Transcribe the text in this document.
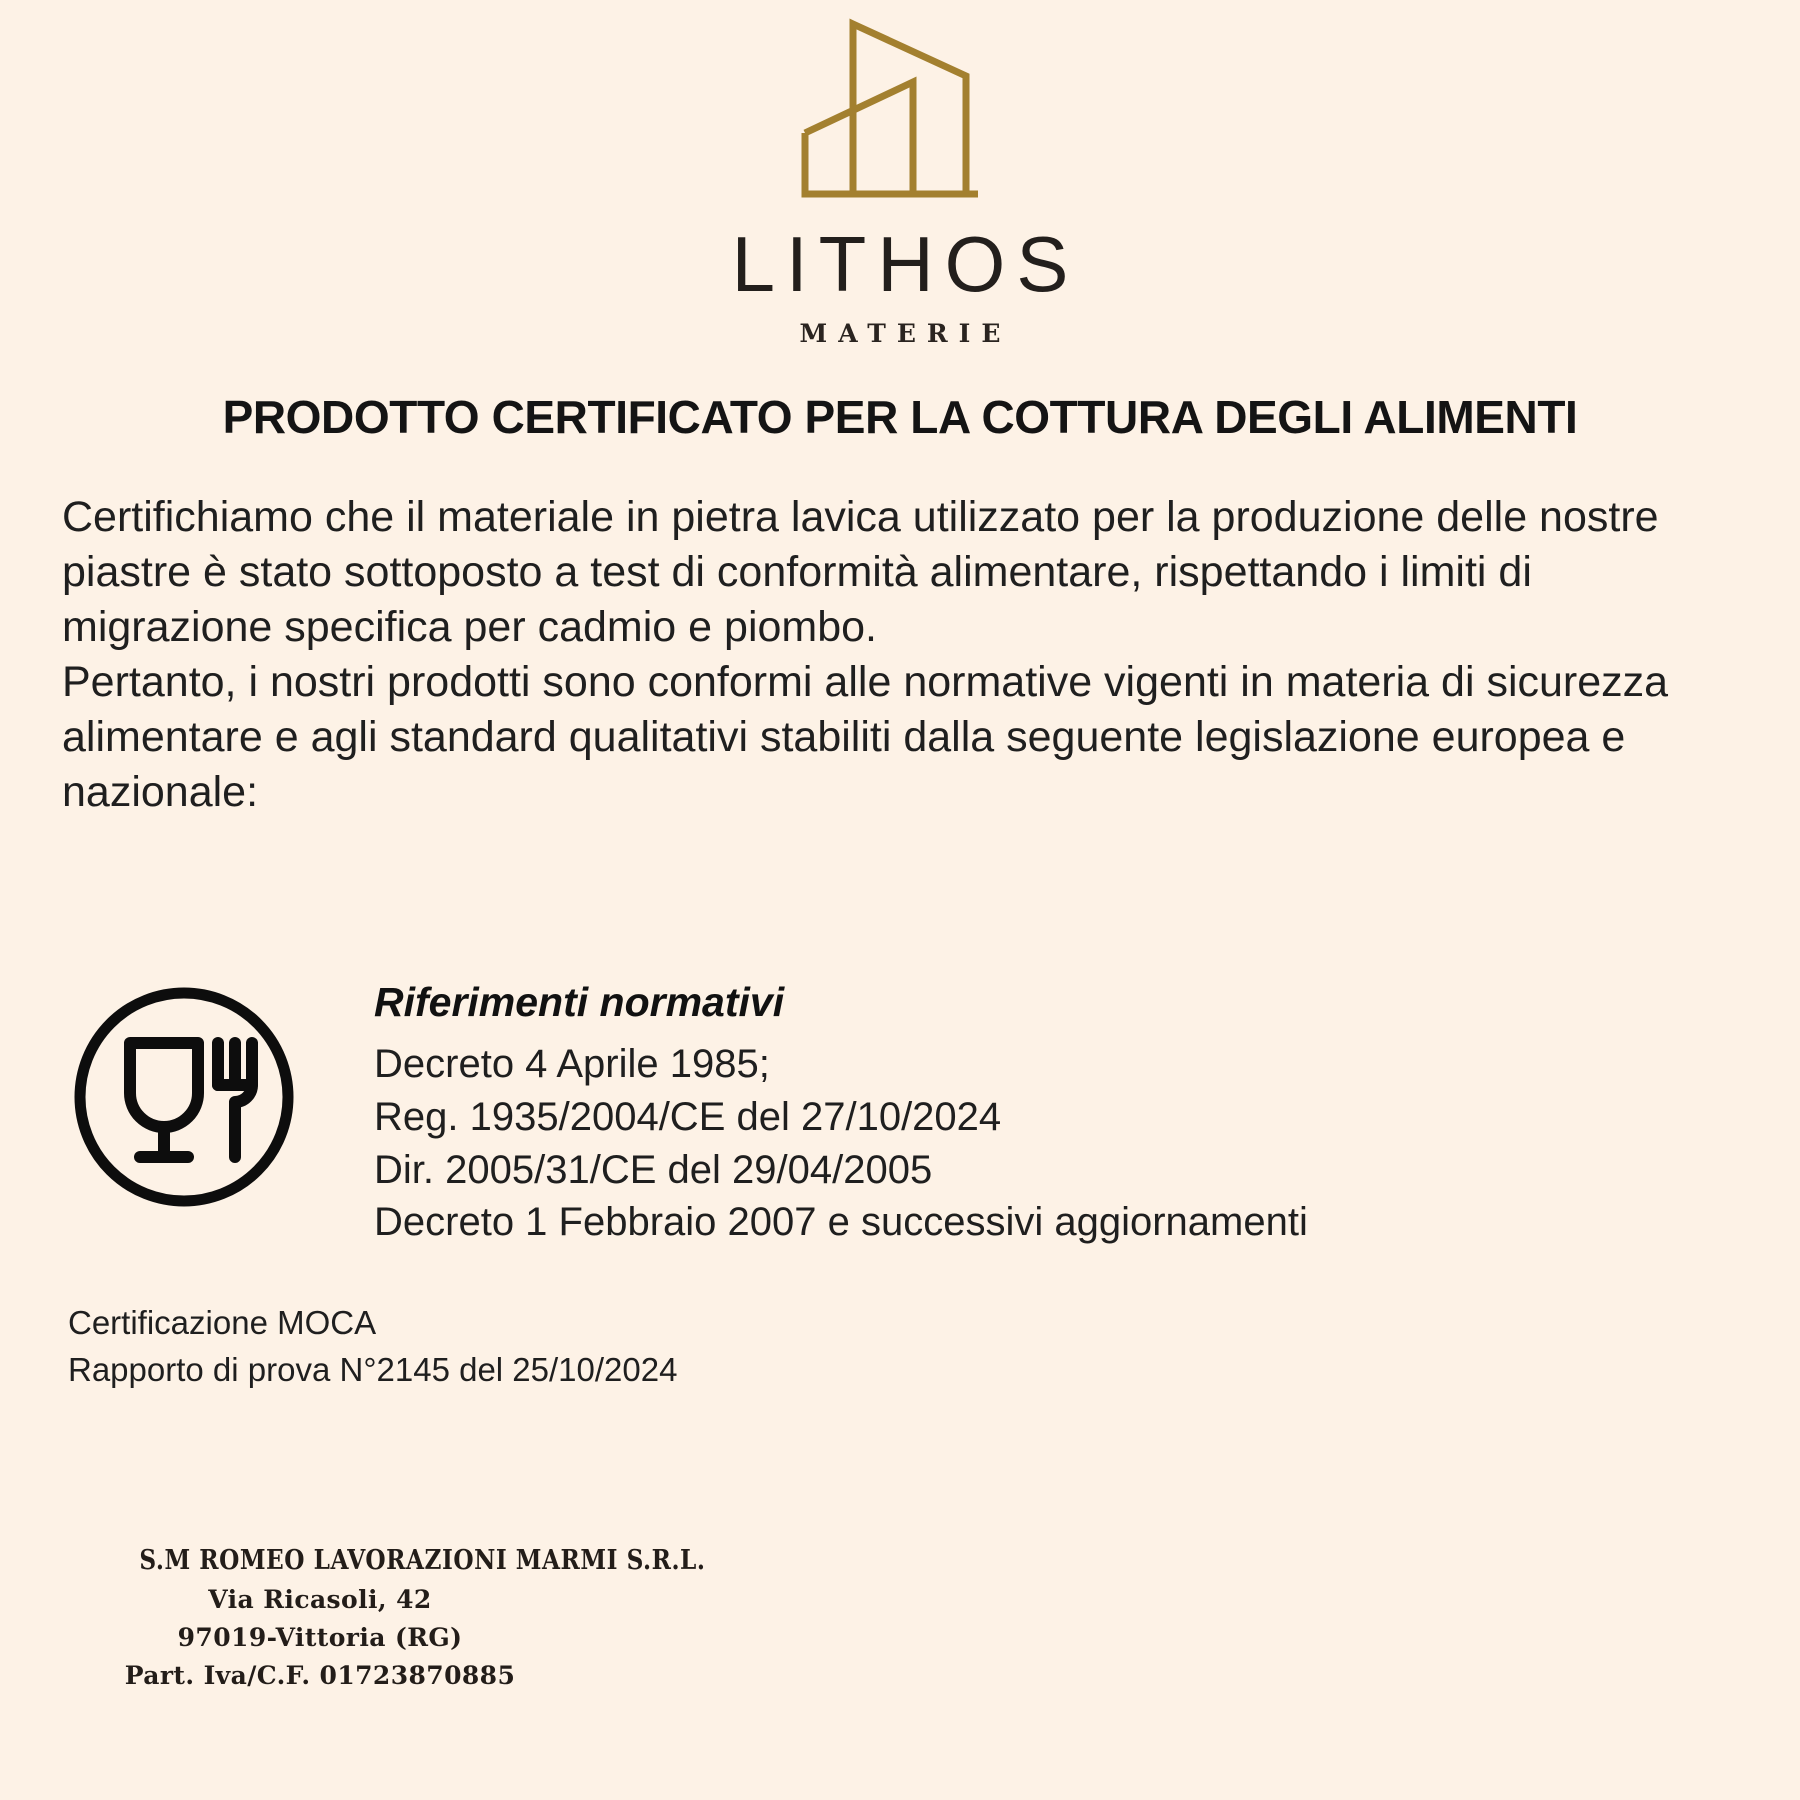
LITHOS
MATERIE
PRODOTTO CERTIFICATO PER LA COTTURA DEGLI ALIMENTI
Certifichiamo che il materiale in pietra lavica utilizzato per la produzione delle nostre piastre è stato sottoposto a test di conformità alimentare, rispettando i limiti di migrazione specifica per cadmio e piombo.
Pertanto, i nostri prodotti sono conformi alle normative vigenti in materia di sicurezza alimentare e agli standard qualitativi stabiliti dalla seguente legislazione europea e nazionale:
Riferimenti normativi
Decreto 4 Aprile 1985;
Reg. 1935/2004/CE del 27/10/2024
Dir. 2005/31/CE del 29/04/2005
Decreto 1 Febbraio 2007 e successivi aggiornamenti
Certificazione MOCA
Rapporto di prova N°2145 del 25/10/2024
S.M ROMEO LAVORAZIONI MARMI S.R.L.
Via Ricasoli, 42
97019-Vittoria (RG)
Part. Iva/C.F. 01723870885
